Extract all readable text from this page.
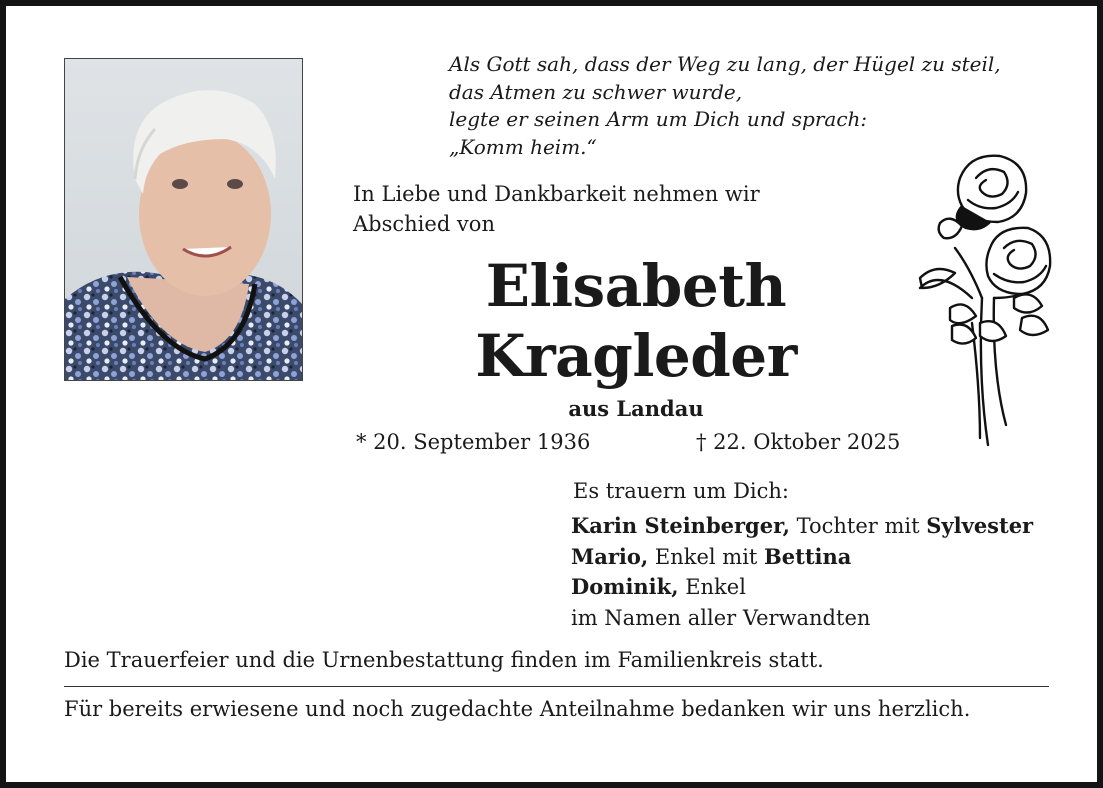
Als Gott sah, dass der Weg zu lang, der Hügel zu steil,
das Atmen zu schwer wurde,
legte er seinen Arm um Dich und sprach:
„Komm heim.“
In Liebe und Dankbarkeit nehmen wir
Abschied von
Elisabeth
Kragleder
aus Landau
* 20. September 1936	† 22. Oktober 2025
Es trauern um Dich:
Karin Steinberger, Tochter mit Sylvester
Mario, Enkel mit Bettina
Dominik, Enkel
im Namen aller Verwandten
Die Trauerfeier und die Urnenbestattung finden im Familienkreis statt.
Für bereits erwiesene und noch zugedachte Anteilnahme bedanken wir uns herzlich.
